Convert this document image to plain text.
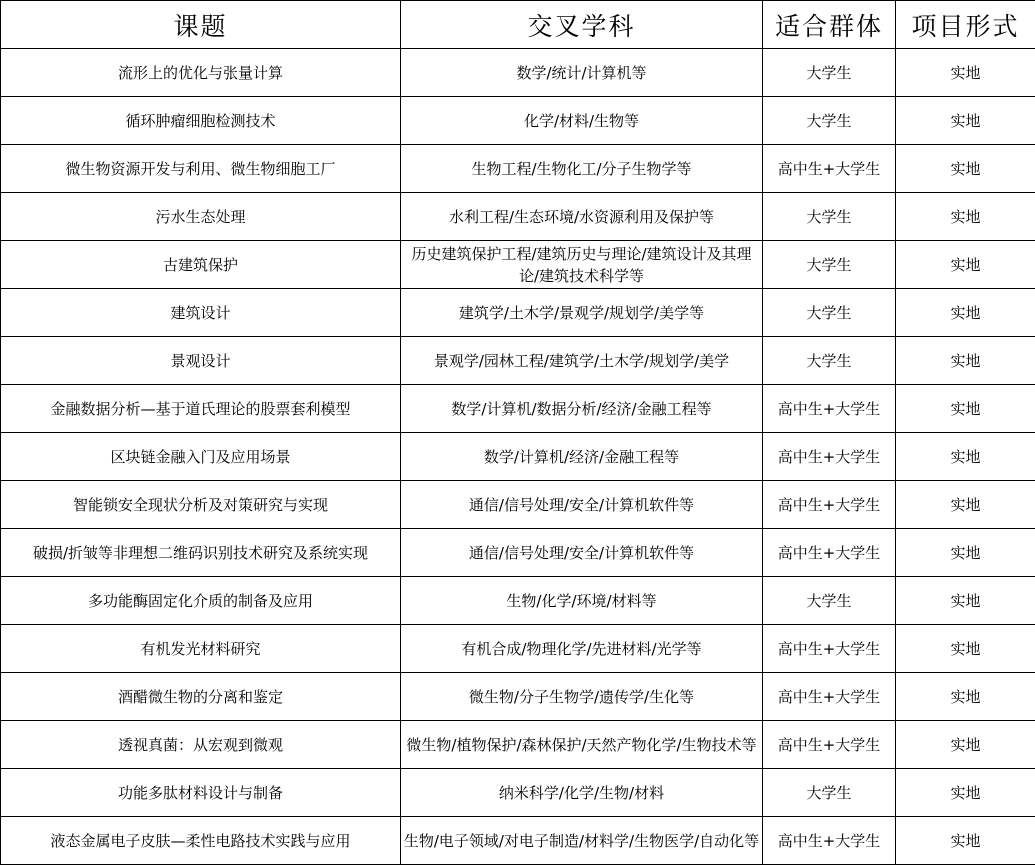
课题	交叉学科	适合群体	项目形式
流形上的优化与张量计算	数学/统计/计算机等	大学生	实地
循环肿瘤细胞检测技术	化学/材料/生物等	大学生	实地
微生物资源开发与利用、微生物细胞工厂	生物工程/生物化工/分子生物学等	高中生+大学生	实地
污水生态处理	水利工程/生态环境/水资源利用及保护等	大学生	实地
古建筑保护	历史建筑保护工程/建筑历史与理论/建筑设计及其理论/建筑技术科学等	大学生	实地
建筑设计	建筑学/土木学/景观学/规划学/美学等	大学生	实地
景观设计	景观学/园林工程/建筑学/土木学/规划学/美学	大学生	实地
金融数据分析—基于道氏理论的股票套利模型	数学/计算机/数据分析/经济/金融工程等	高中生+大学生	实地
区块链金融入门及应用场景	数学/计算机/经济/金融工程等	高中生+大学生	实地
智能锁安全现状分析及对策研究与实现	通信/信号处理/安全/计算机软件等	高中生+大学生	实地
破损/折皱等非理想二维码识别技术研究及系统实现	通信/信号处理/安全/计算机软件等	高中生+大学生	实地
多功能酶固定化介质的制备及应用	生物/化学/环境/材料等	大学生	实地
有机发光材料研究	有机合成/物理化学/先进材料/光学等	高中生+大学生	实地
酒醋微生物的分离和鉴定	微生物/分子生物学/遗传学/生化等	高中生+大学生	实地
透视真菌：从宏观到微观	微生物/植物保护/森林保护/天然产物化学/生物技术等	高中生+大学生	实地
功能多肽材料设计与制备	纳米科学/化学/生物/材料	大学生	实地
液态金属电子皮肤—柔性电路技术实践与应用	生物/电子领域/对电子制造/材料学/生物医学/自动化等	高中生+大学生	实地
